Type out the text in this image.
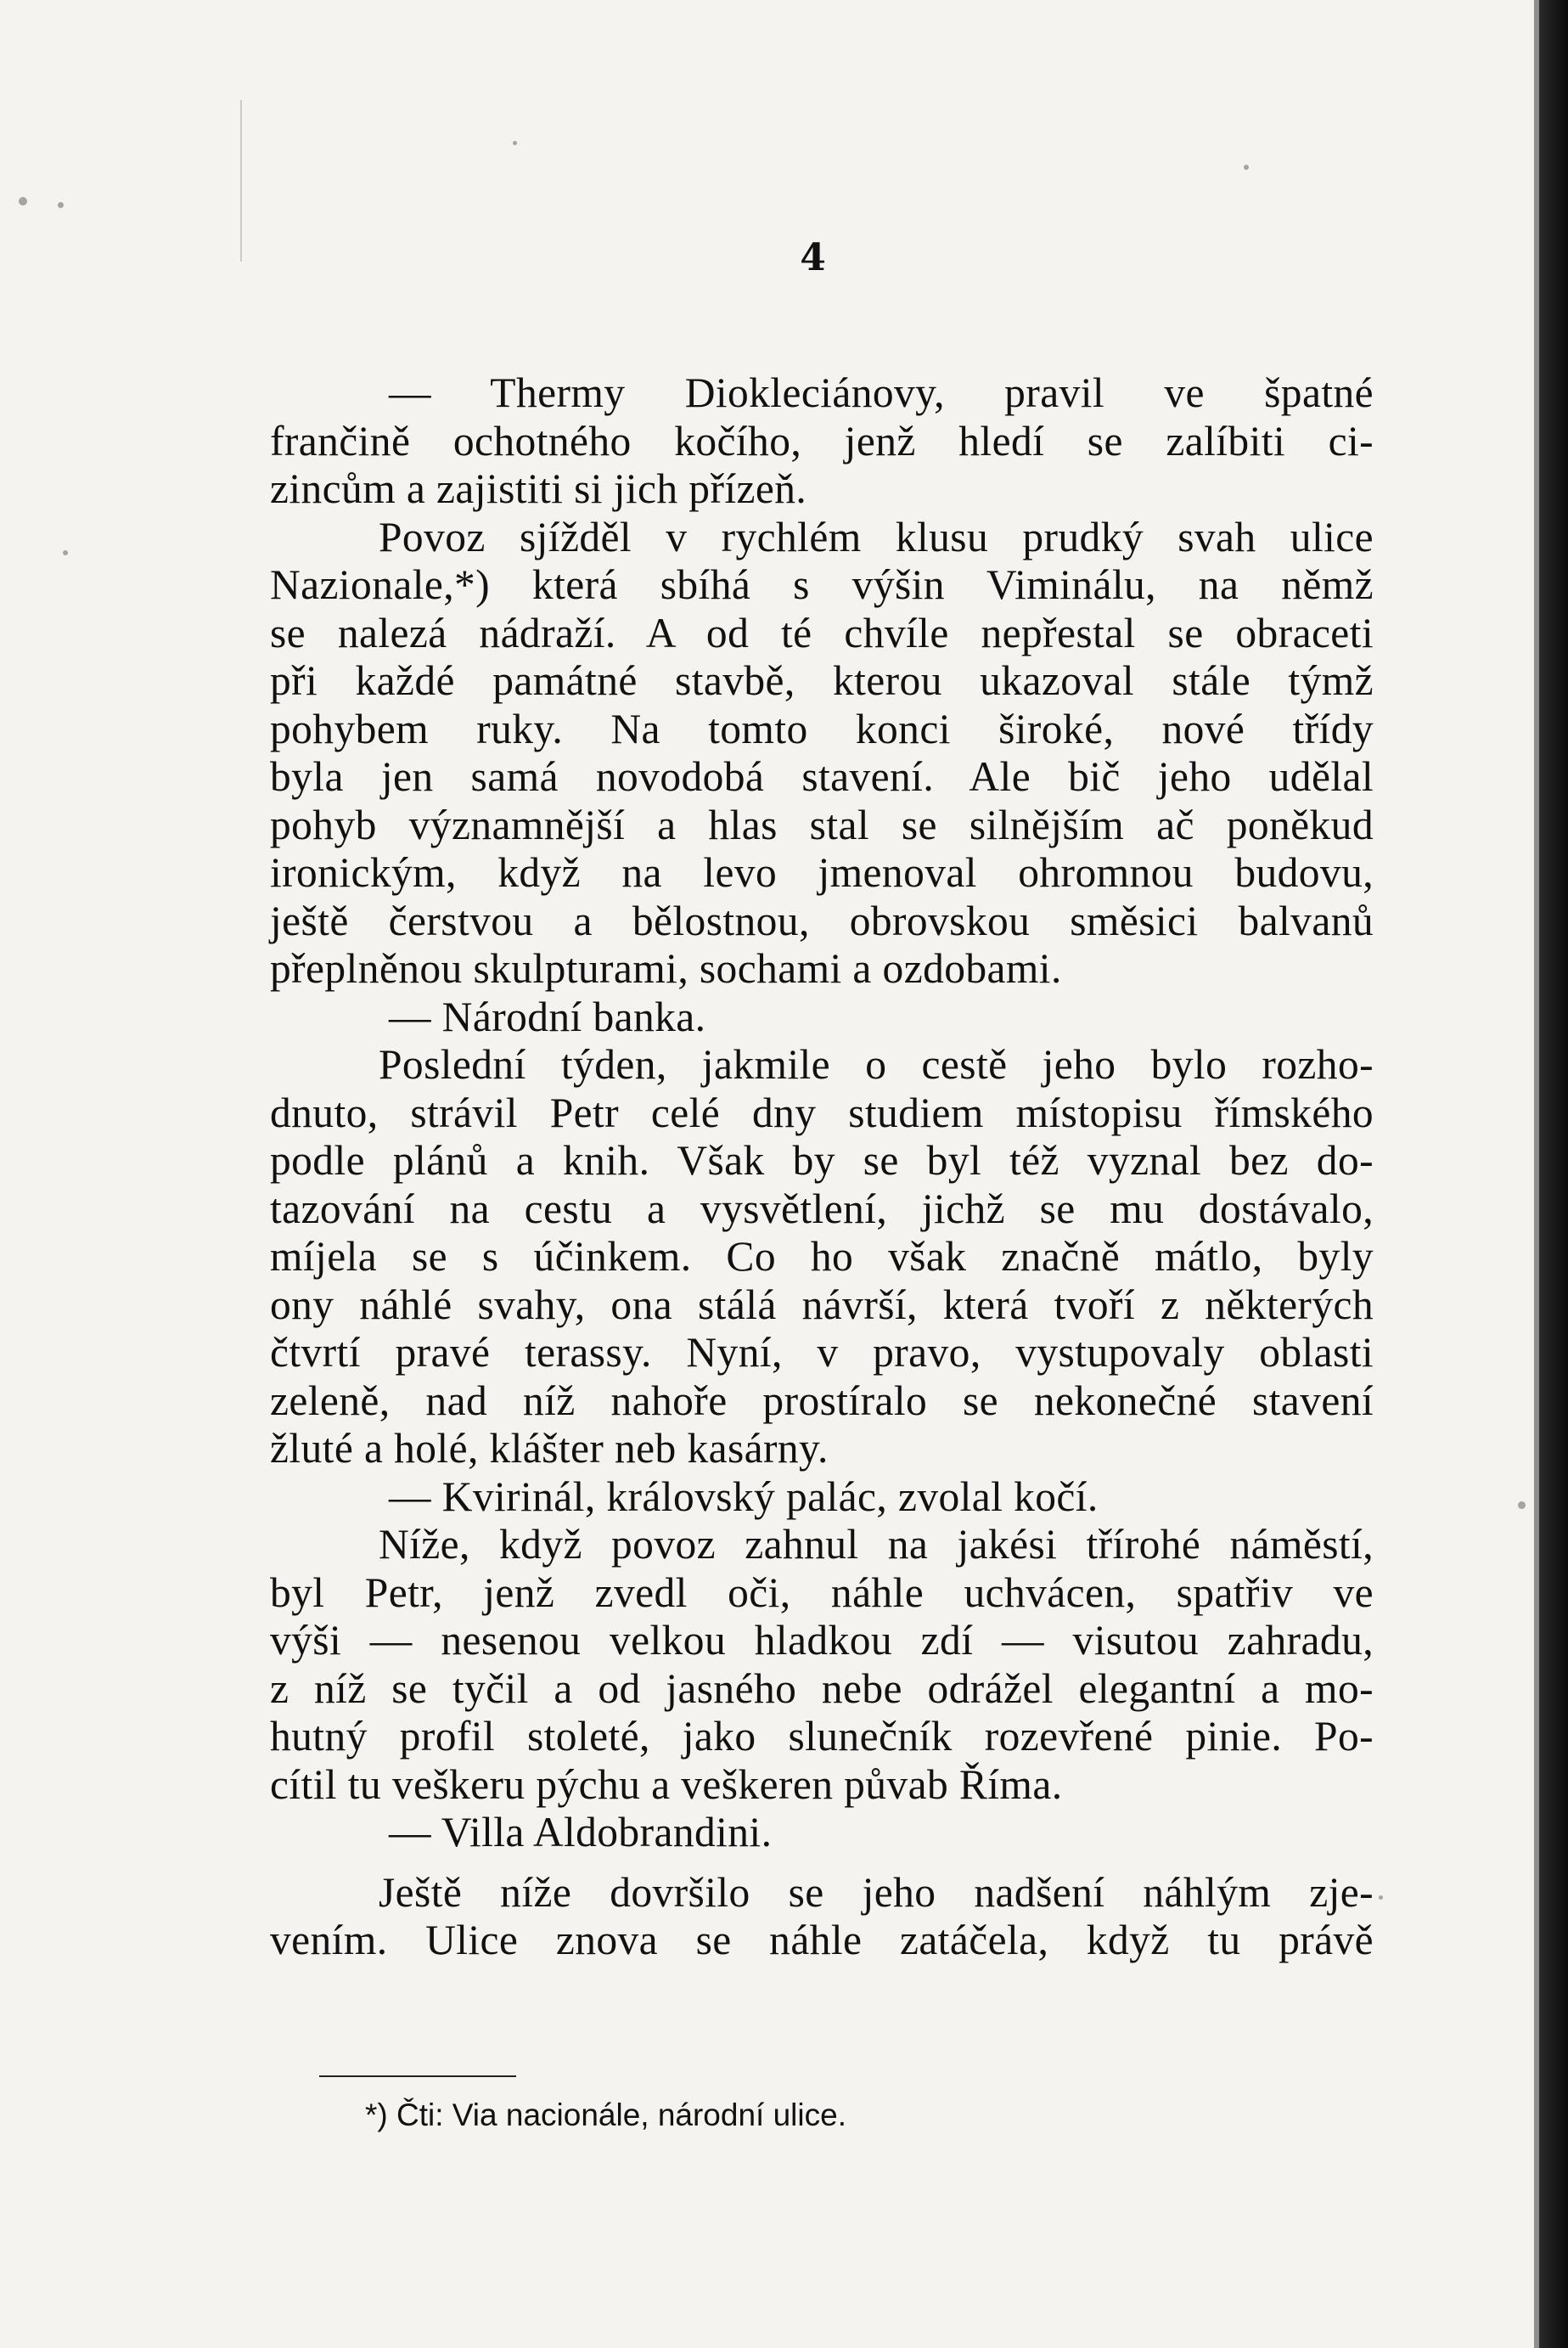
4
— Thermy Diokleciánovy, pravil ve špatné
frančině ochotného kočího, jenž hledí se zalíbiti ci-
zincům a zajistiti si jich přízeň.
Povoz sjížděl v rychlém klusu prudký svah ulice
Nazionale,*) která sbíhá s výšin Viminálu, na němž
se nalezá nádraží. A od té chvíle nepřestal se obraceti
při každé památné stavbě, kterou ukazoval stále týmž
pohybem ruky. Na tomto konci široké, nové třídy
byla jen samá novodobá stavení. Ale bič jeho udělal
pohyb významnější a hlas stal se silnějším ač poněkud
ironickým, když na levo jmenoval ohromnou budovu,
ještě čerstvou a bělostnou, obrovskou směsici balvanů
přeplněnou skulpturami, sochami a ozdobami.
— Národní banka.
Poslední týden, jakmile o cestě jeho bylo rozho-
dnuto, strávil Petr celé dny studiem místopisu římského
podle plánů a knih. Však by se byl též vyznal bez do-
tazování na cestu a vysvětlení, jichž se mu dostávalo,
míjela se s účinkem. Co ho však značně mátlo, byly
ony náhlé svahy, ona stálá návrší, která tvoří z některých
čtvrtí pravé terassy. Nyní, v pravo, vystupovaly oblasti
zeleně, nad níž nahoře prostíralo se nekonečné stavení
žluté a holé, klášter neb kasárny.
— Kvirinál, královský palác, zvolal kočí.
Níže, když povoz zahnul na jakési třírohé náměstí,
byl Petr, jenž zvedl oči, náhle uchvácen, spatřiv ve
výši — nesenou velkou hladkou zdí — visutou zahradu,
z níž se tyčil a od jasného nebe odrážel elegantní a mo-
hutný profil stoleté, jako slunečník rozevřené pinie. Po-
cítil tu veškeru pýchu a veškeren půvab Říma.
— Villa Aldobrandini.
Ještě níže dovršilo se jeho nadšení náhlým zje-
vením. Ulice znova se náhle zatáčela, když tu právě
*) Čti: Via nacionále, národní ulice.
